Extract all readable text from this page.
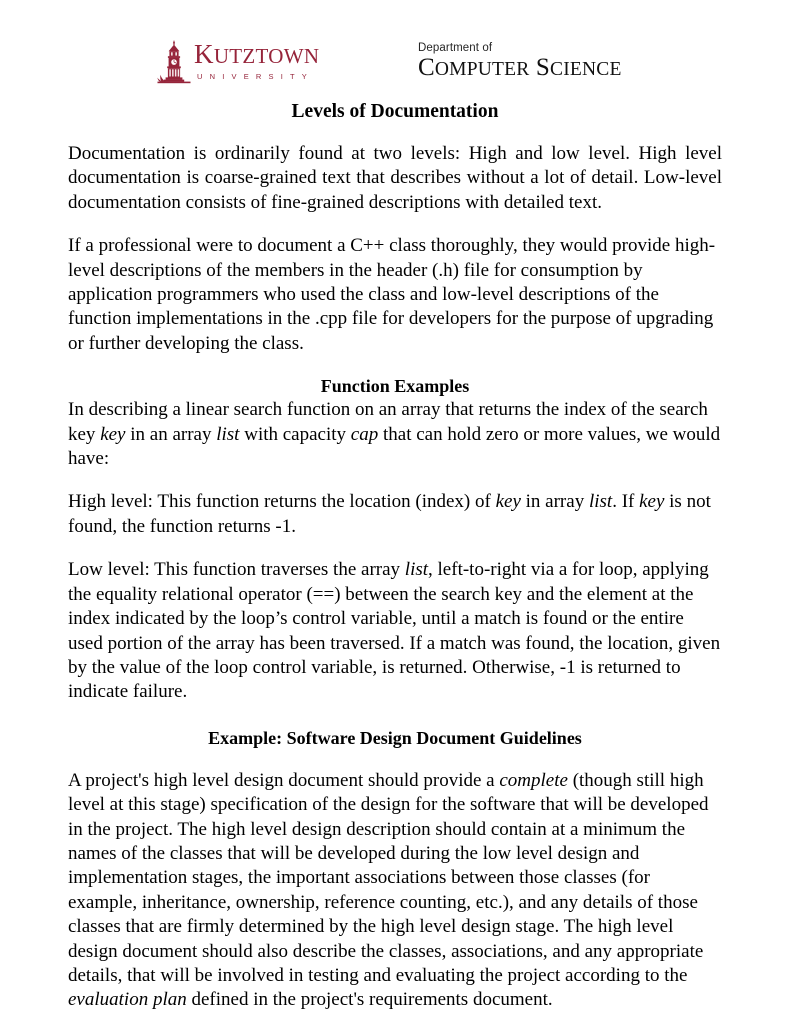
KUTZTOWN
UNIVERSITY
Department of
COMPUTER SCIENCE
Levels of Documentation

Documentation is ordinarily found at two levels: High and low level. High level documentation is coarse-grained text that describes without a lot of detail. Low-level documentation consists of fine-grained descriptions with detailed text.

If a professional were to document a C++ class thoroughly, they would provide high-level descriptions of the members in the header (.h) file for consumption by application programmers who used the class and low-level descriptions of the function implementations in the .cpp file for developers for the purpose of upgrading or further developing the class.

Function Examples

In describing a linear search function on an array that returns the index of the search key key in an array list with capacity cap that can hold zero or more values, we would have:

High level: This function returns the location (index) of key in array list. If key is not found, the function returns -1.

Low level: This function traverses the array list, left-to-right via a for loop, applying the equality relational operator (==) between the search key and the element at the index indicated by the loop’s control variable, until a match is found or the entire used portion of the array has been traversed. If a match was found, the location, given by the value of the loop control variable, is returned. Otherwise, -1 is returned to indicate failure.

Example: Software Design Document Guidelines

A project's high level design document should provide a complete (though still high level at this stage) specification of the design for the software that will be developed in the project. The high level design description should contain at a minimum the names of the classes that will be developed during the low level design and implementation stages, the important associations between those classes (for example, inheritance, ownership, reference counting, etc.), and any details of those classes that are firmly determined by the high level design stage. The high level design document should also describe the classes, associations, and any appropriate details, that will be involved in testing and evaluating the project according to the evaluation plan defined in the project's requirements document.
